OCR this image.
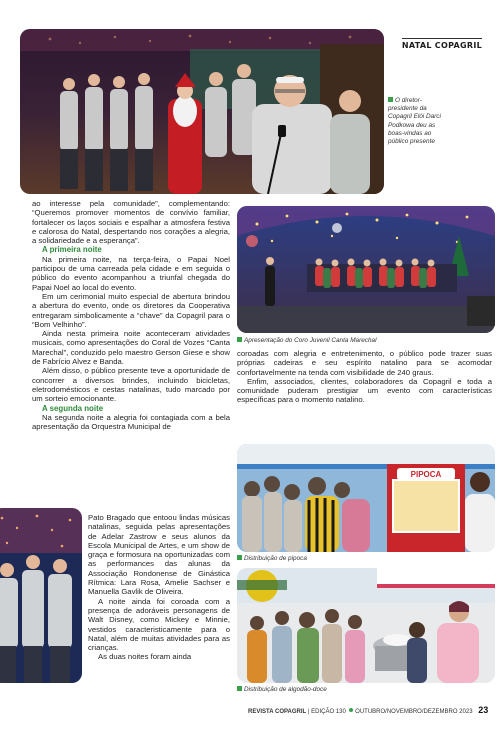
NATAL COPAGRIL
O diretor-presidente da Copagril Elói Darci Podkowa deu as boas-vindas ao público presente

ao interesse pela comunidade”, complementando: “Queremos promover momentos de convívio familiar, fortalecer os laços sociais e espalhar a atmosfera festiva e calorosa do Natal, despertando nos corações a alegria, a solidariedade e a esperança”.

A primeira noite

Na primeira noite, na terça-feira, o Papai Noel participou de uma carreada pela cidade e em seguida o público do evento acompanhou a triunfal chegada do Papai Noel ao local do evento.

Em um cerimonial muito especial de abertura brindou a abertura do evento, onde os diretores da Cooperativa entregaram simbolicamente a “chave” da Copagril para o “Bom Velhinho”.

Ainda nesta primeira noite aconteceram atividades musicais, como apresentações do Coral de Vozes “Canta Marechal”, conduzido pelo maestro Gerson Giese e show de Fabrício Alvez e Banda.

Além disso, o público presente teve a oportunidade de concorrer a diversos brindes, incluindo bicicletas, eletrodomésticos e cestas natalinas, tudo marcado por um sorteio emocionante.

A segunda noite

Na segunda noite a alegria foi contagiada com a bela apresentação da Orquestra Municipal de

Pato Bragado que entoou lindas músicas natalinas, seguida pelas apresentações de Adelar Zastrow e seus alunos da Escola Municipal de Artes, e um show de graça e formosura na oportunizadas com as performances das alunas da Associação Rondonense de Ginástica Rítmica: Lara Rosa, Amelie Sachser e Manuella Gavlik de Oliveira.

A noite ainda foi coroada com a presença de adoráveis personagens de Walt Disney, como Mickey e Minnie, vestidos caracteristicamente para o Natal, além de muitas atividades para as crianças.

As duas noites foram ainda

Apresentação do Coro Juvenil Canta Marechal

coroadas com alegria e entretenimento, o público pode trazer suas próprias cadeiras e seu espírito natalino para se acomodar confortavelmente na tenda com visibilidade de 240 graus.

Enfim, associados, clientes, colaboradores da Copagril e toda a comunidade puderam prestigiar um evento com características específicas para o momento natalino.

PIPOCA
Distribuição de pipoca
Distribuição de algodão-doce
REVISTA COPAGRIL | EDIÇÃO 130 OUTUBRO/NOVEMBRO/DEZEMBRO 2023 23
